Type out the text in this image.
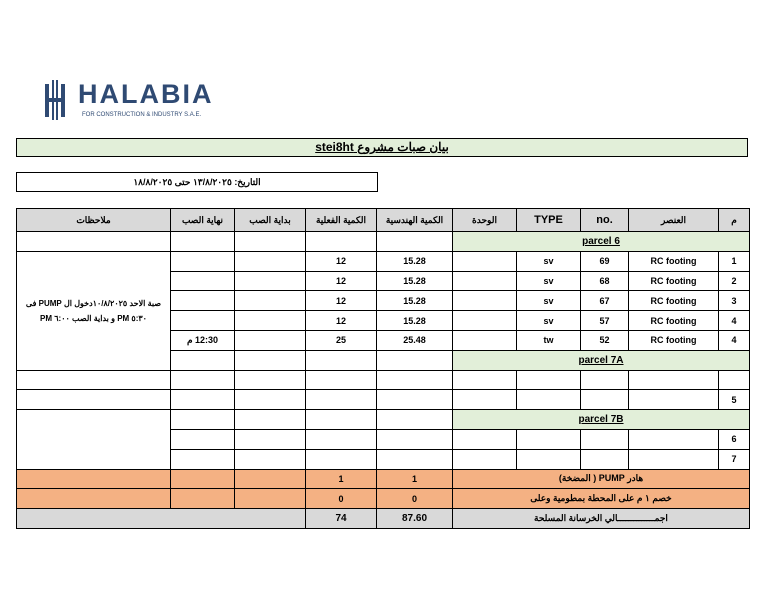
HALABIA
FOR CONSTRUCTION & INDUSTRY S.A.E.
بيان صبات مشروع stei8ht
التاريخ: ١٣/٨/٢٠٢٥ حتى ١٨/٨/٢٠٢٥
ملاحظات	نهاية الصب	بداية الصب	الكمية الفعلية	الكمية الهندسية	الوحدة	TYPE	no.	العنصر	م
					parcel 6				
صبة الاحد ١٠/٨/٢٠٢٥دخول ال PUMP فى ٥:٣٠ PM و بداية الصب ٦:٠٠ PM			12	15.28		sv	69	RC footing	1
			12	15.28		sv	68	RC footing	2
			12	15.28		sv	67	RC footing	3
			12	15.28		sv	57	RC footing	4
	12:30 م		25	25.48		tw	52	RC footing	4
					parcel 7A				

									5
					parcel 7B				
									6
									7
			1	1	هادر PUMP ( المضخة)				
			0	0	خصم ١ م على المحطة بمطومية وعلى				
			74	87.60	اجمــــــــــــــالي الخرسانة المسلحة				
